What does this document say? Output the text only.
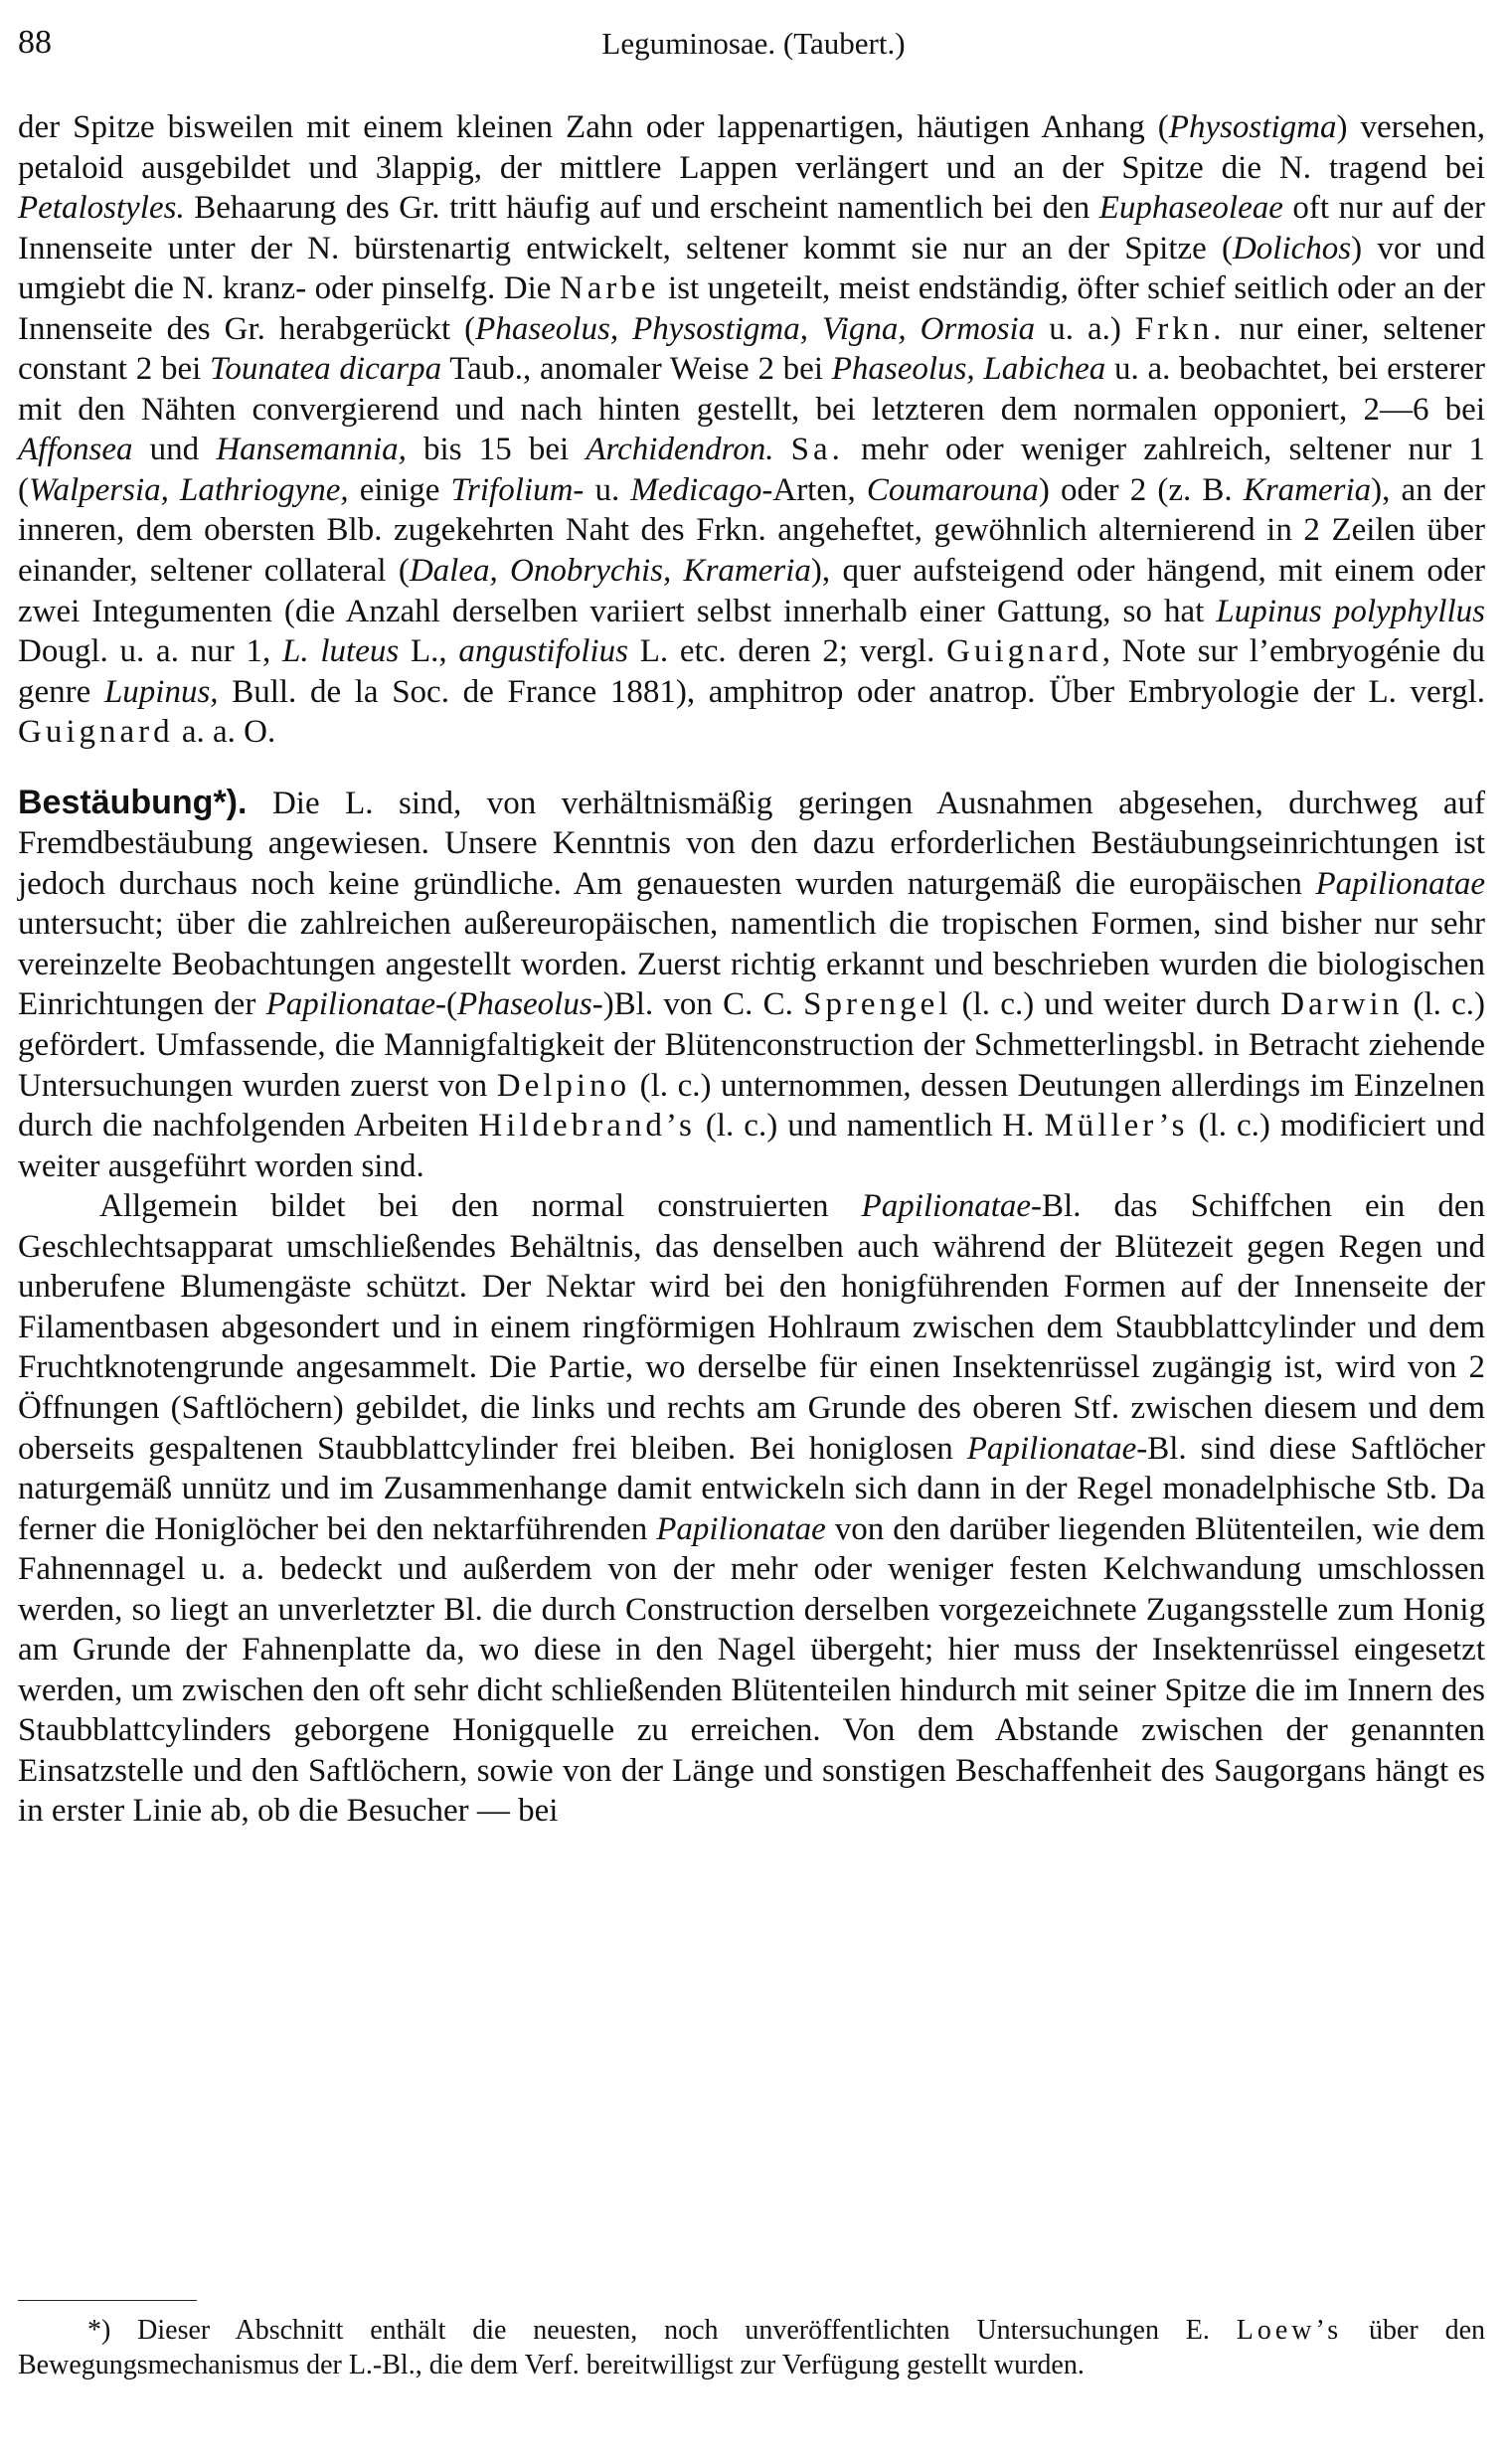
88	Leguminosae. (Taubert.)

der Spitze bisweilen mit einem kleinen Zahn oder lappenartigen, häutigen Anhang (Physostigma) versehen, petaloid ausgebildet und 3lappig, der mittlere Lappen verlängert und an der Spitze die N. tragend bei Petalostyles. Behaarung des Gr. tritt häufig auf und erscheint namentlich bei den Euphaseoleae oft nur auf der Innenseite unter der N. bürstenartig entwickelt, seltener kommt sie nur an der Spitze (Dolichos) vor und umgiebt die N. kranz- oder pinselfg. Die Narbe ist ungeteilt, meist endständig, öfter schief seitlich oder an der Innenseite des Gr. herabgerückt (Phaseolus, Physostigma, Vigna, Ormosia u. a.) Frkn. nur einer, seltener constant 2 bei Tounatea dicarpa Taub., anomaler Weise 2 bei Phaseolus, Labichea u. a. beobachtet, bei ersterer mit den Nähten convergierend und nach hinten gestellt, bei letzteren dem normalen opponiert, 2—6 bei Affonsea und Hansemannia, bis 15 bei Archidendron. Sa. mehr oder weniger zahlreich, seltener nur 1 (Walpersia, Lathriogyne, einige Trifolium- u. Medicago-Arten, Coumarouna) oder 2 (z. B. Krameria), an der inneren, dem obersten Blb. zugekehrten Naht des Frkn. angeheftet, gewöhnlich alternierend in 2 Zeilen über einander, seltener collateral (Dalea, Onobrychis, Krameria), quer aufsteigend oder hängend, mit einem oder zwei Integumenten (die Anzahl derselben variiert selbst innerhalb einer Gattung, so hat Lupinus polyphyllus Dougl. u. a. nur 1, L. luteus L., angustifolius L. etc. deren 2; vergl. Guignard, Note sur l’embryogénie du genre Lupinus, Bull. de la Soc. de France 1881), amphitrop oder anatrop. Über Embryologie der L. vergl. Guignard a. a. O.

Bestäubung*). Die L. sind, von verhältnismäßig geringen Ausnahmen abgesehen, durchweg auf Fremdbestäubung angewiesen. Unsere Kenntnis von den dazu erforderlichen Bestäubungseinrichtungen ist jedoch durchaus noch keine gründliche. Am genauesten wurden naturgemäß die europäischen Papilionatae untersucht; über die zahlreichen außereuropäischen, namentlich die tropischen Formen, sind bisher nur sehr vereinzelte Beobachtungen angestellt worden. Zuerst richtig erkannt und beschrieben wurden die biologischen Einrichtungen der Papilionatae-(Phaseolus-)Bl. von C. C. Sprengel (l. c.) und weiter durch Darwin (l. c.) gefördert. Umfassende, die Mannigfaltigkeit der Blütenconstruction der Schmetterlingsbl. in Betracht ziehende Untersuchungen wurden zuerst von Delpino (l. c.) unternommen, dessen Deutungen allerdings im Einzelnen durch die nachfolgenden Arbeiten Hildebrand’s (l. c.) und namentlich H. Müller’s (l. c.) modificiert und weiter ausgeführt worden sind.

Allgemein bildet bei den normal construierten Papilionatae-Bl. das Schiffchen ein den Geschlechtsapparat umschließendes Behältnis, das denselben auch während der Blütezeit gegen Regen und unberufene Blumengäste schützt. Der Nektar wird bei den honigführenden Formen auf der Innenseite der Filamentbasen abgesondert und in einem ringförmigen Hohlraum zwischen dem Staubblattcylinder und dem Fruchtknotengrunde angesammelt. Die Partie, wo derselbe für einen Insektenrüssel zugängig ist, wird von 2 Öffnungen (Saftlöchern) gebildet, die links und rechts am Grunde des oberen Stf. zwischen diesem und dem oberseits gespaltenen Staubblattcylinder frei bleiben. Bei honiglosen Papilionatae-Bl. sind diese Saftlöcher naturgemäß unnütz und im Zusammenhange damit entwickeln sich dann in der Regel monadelphische Stb. Da ferner die Honiglöcher bei den nektarführenden Papilionatae von den darüber liegenden Blütenteilen, wie dem Fahnennagel u. a. bedeckt und außerdem von der mehr oder weniger festen Kelchwandung umschlossen werden, so liegt an unverletzter Bl. die durch Construction derselben vorgezeichnete Zugangsstelle zum Honig am Grunde der Fahnenplatte da, wo diese in den Nagel übergeht; hier muss der Insektenrüssel eingesetzt werden, um zwischen den oft sehr dicht schließenden Blütenteilen hindurch mit seiner Spitze die im Innern des Staubblattcylinders geborgene Honigquelle zu erreichen. Von dem Abstande zwischen der genannten Einsatzstelle und den Saftlöchern, sowie von der Länge und sonstigen Beschaffenheit des Saugorgans hängt es in erster Linie ab, ob die Besucher — bei

*) Dieser Abschnitt enthält die neuesten, noch unveröffentlichten Untersuchungen E. Loew’s über den Bewegungsmechanismus der L.-Bl., die dem Verf. bereitwilligst zur Verfügung gestellt wurden.
